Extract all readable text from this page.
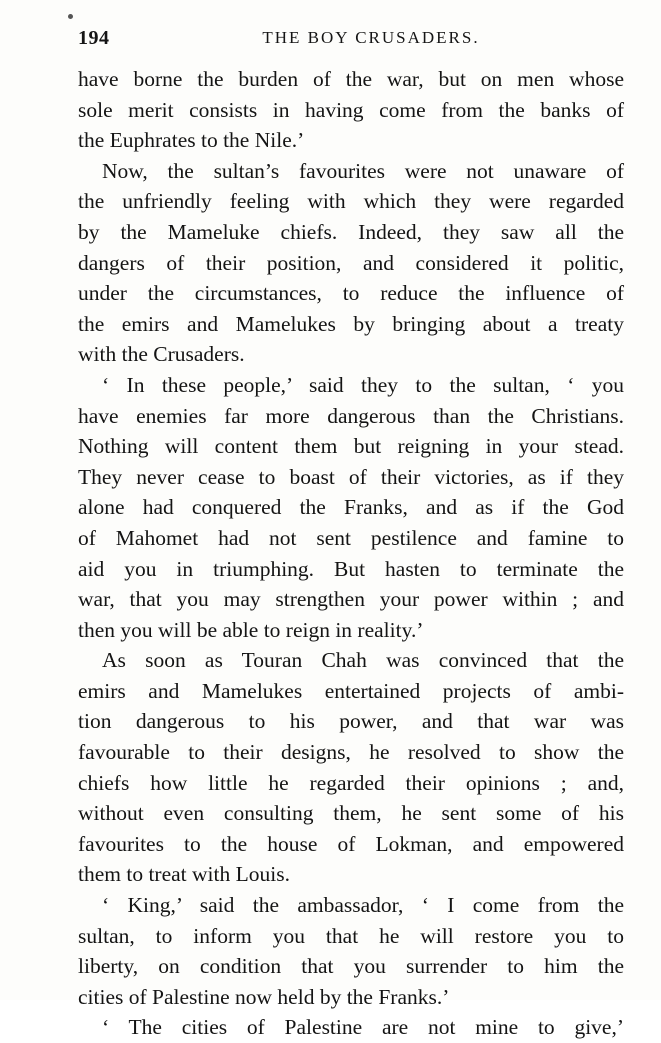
194	THE BOY CRUSADERS.
have borne the burden of the war, but on men whose
sole merit consists in having come from the banks of
the Euphrates to the Nile.’
Now, the sultan’s favourites were not unaware of
the unfriendly feeling with which they were regarded
by the Mameluke chiefs. Indeed, they saw all the
dangers of their position, and considered it politic,
under the circumstances, to reduce the influence of
the emirs and Mamelukes by bringing about a treaty
with the Crusaders.
‘ In these people,’ said they to the sultan, ‘ you
have enemies far more dangerous than the Christians.
Nothing will content them but reigning in your stead.
They never cease to boast of their victories, as if they
alone had conquered the Franks, and as if the God
of Mahomet had not sent pestilence and famine to
aid you in triumphing. But hasten to terminate the
war, that you may strengthen your power within ; and
then you will be able to reign in reality.’
As soon as Touran Chah was convinced that the
emirs and Mamelukes entertained projects of ambi-
tion dangerous to his power, and that war was
favourable to their designs, he resolved to show the
chiefs how little he regarded their opinions ; and,
without even consulting them, he sent some of his
favourites to the house of Lokman, and empowered
them to treat with Louis.
‘ King,’ said the ambassador, ‘ I come from the
sultan, to inform you that he will restore you to
liberty, on condition that you surrender to him the
cities of Palestine now held by the Franks.’
‘ The cities of Palestine are not mine to give,’
